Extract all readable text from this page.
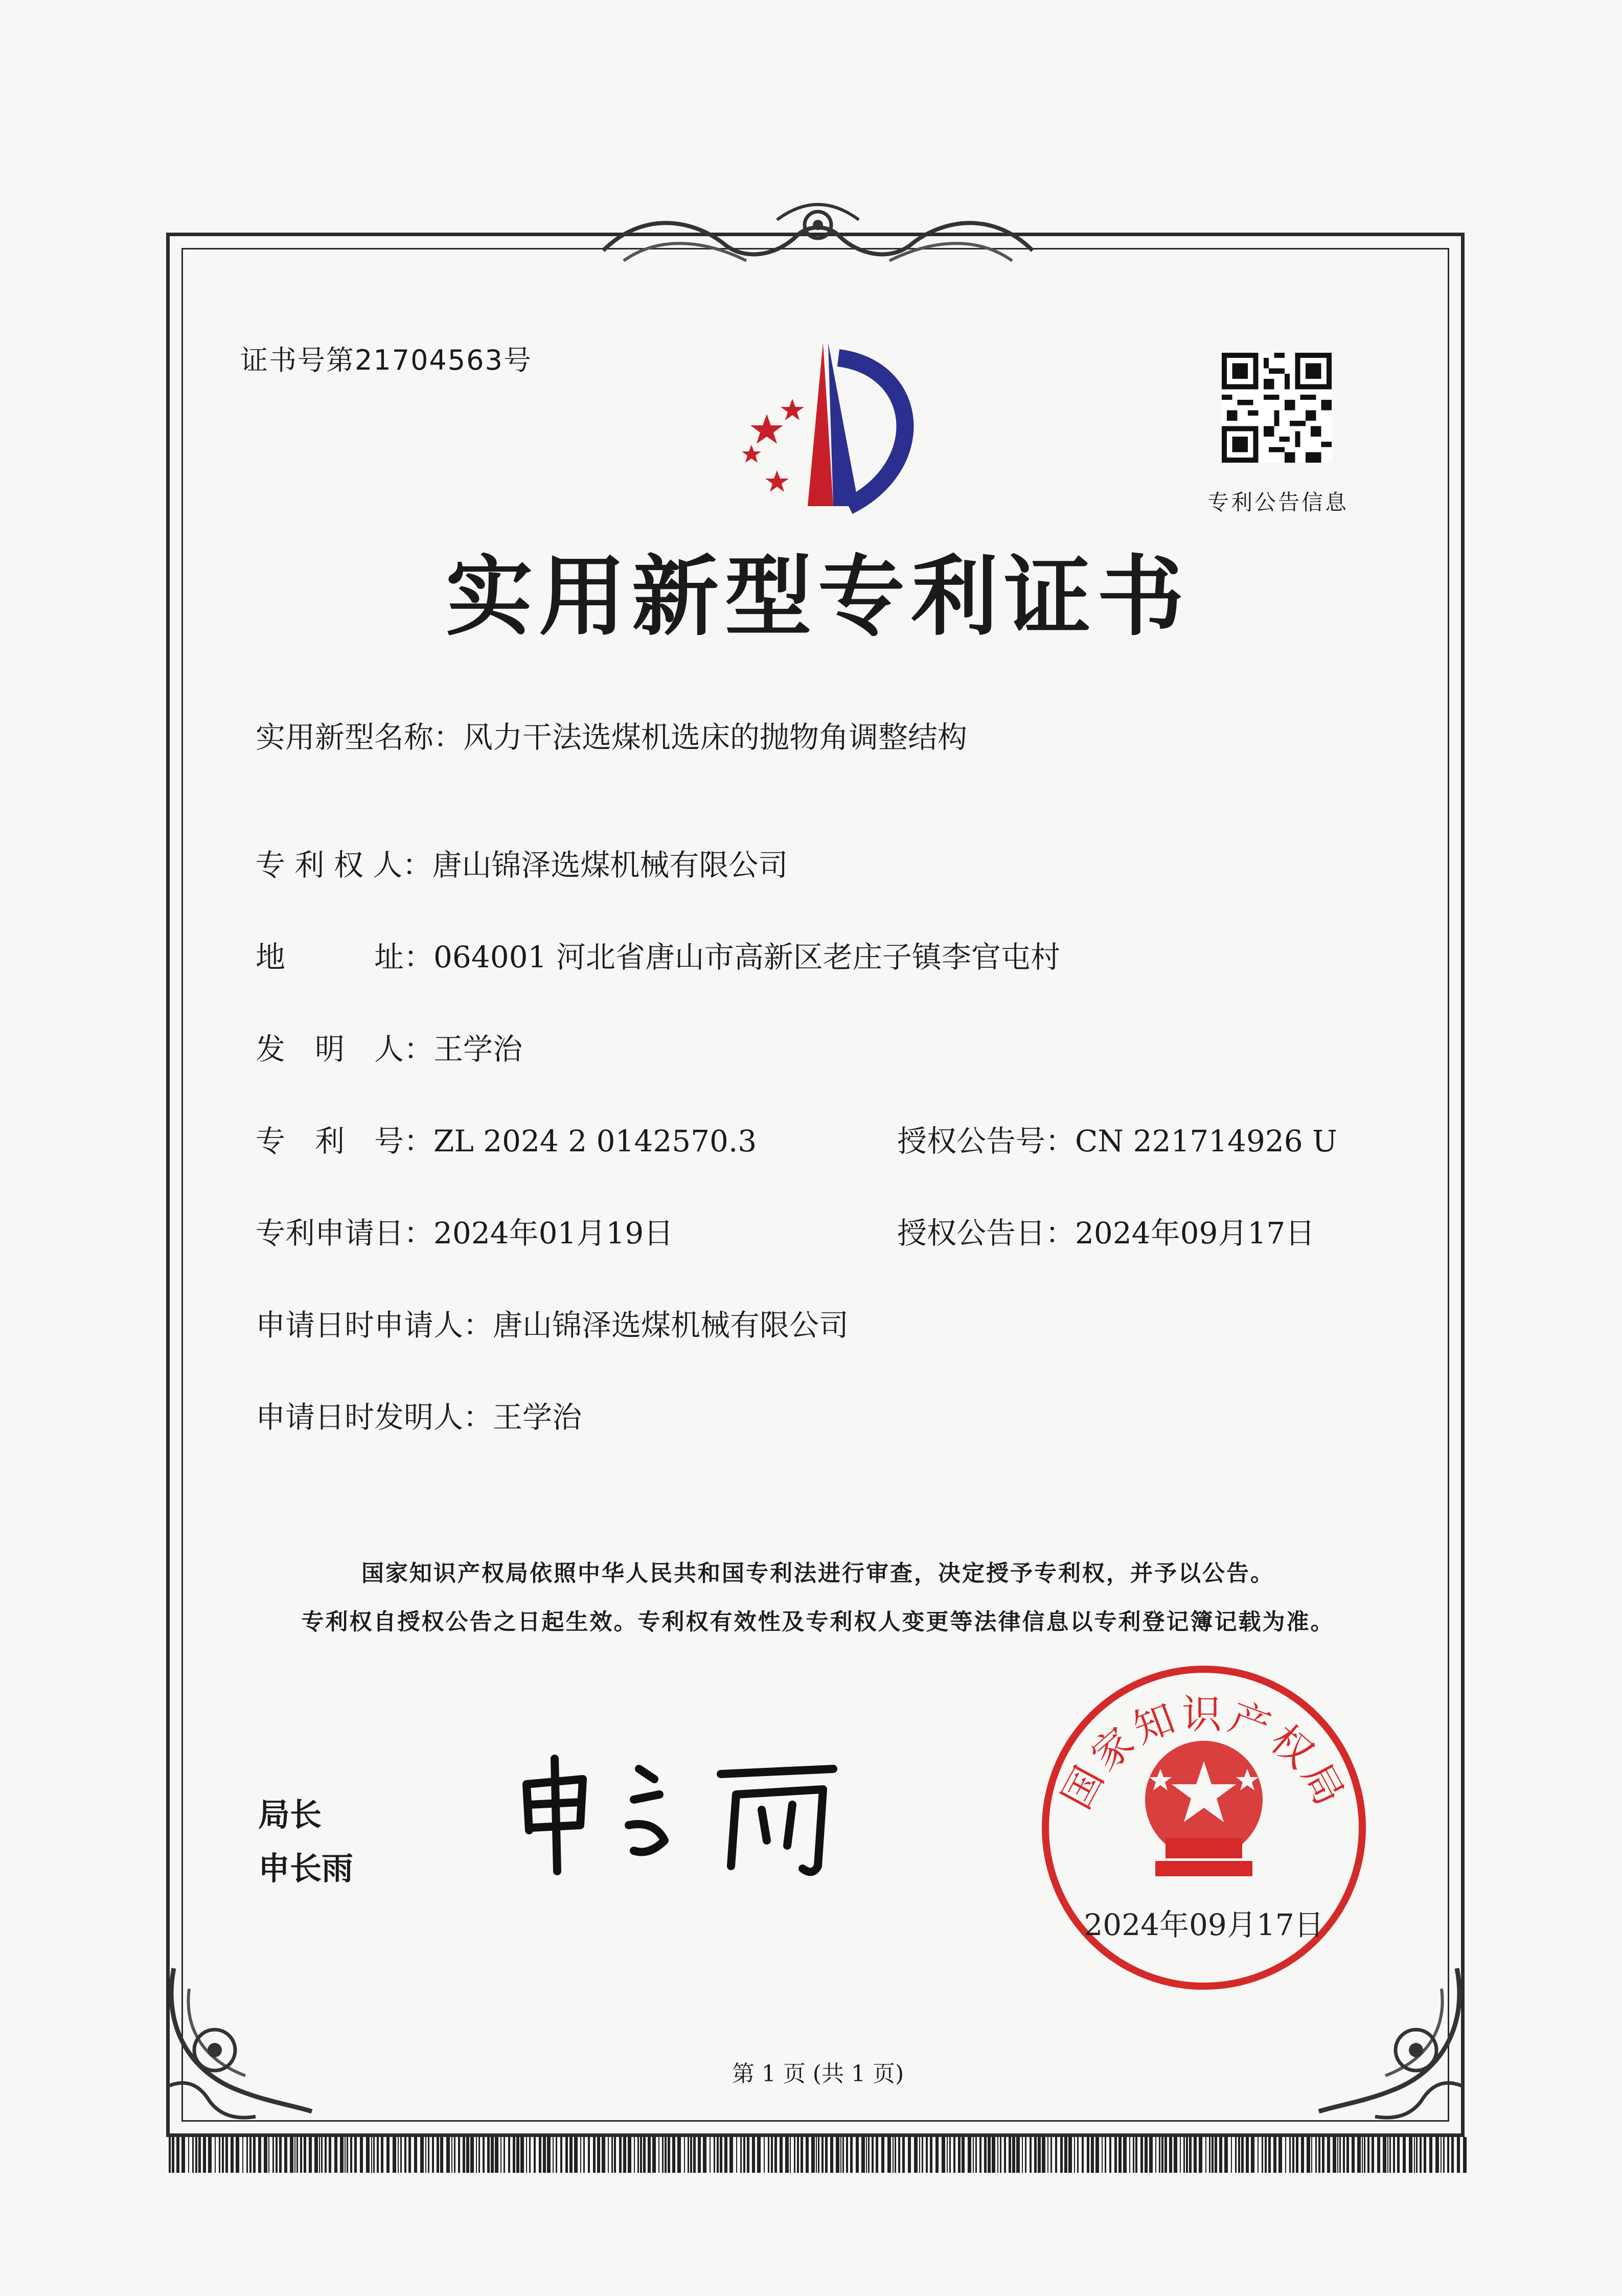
证书号第21704563号
专利公告信息
实用新型专利证书
实用新型名称：风力干法选煤机选床的抛物角调整结构
专 利 权 人：唐山锦泽选煤机械有限公司
地　　　址：064001 河北省唐山市高新区老庄子镇李官屯村
发　明　人：王学治
专　利　号：ZL 2024 2 0142570.3
专利申请日：2024年01月19日
申请日时申请人：唐山锦泽选煤机械有限公司
申请日时发明人：王学治
授权公告号：CN 221714926 U
授权公告日：2024年09月17日
国家知识产权局依照中华人民共和国专利法进行审查，决定授予专利权，并予以公告。
专利权自授权公告之日起生效。专利权有效性及专利权人变更等法律信息以专利登记簿记载为准。
局长
申长雨
国家知识产权局
2024年09月17日
第 1 页 (共 1 页)
